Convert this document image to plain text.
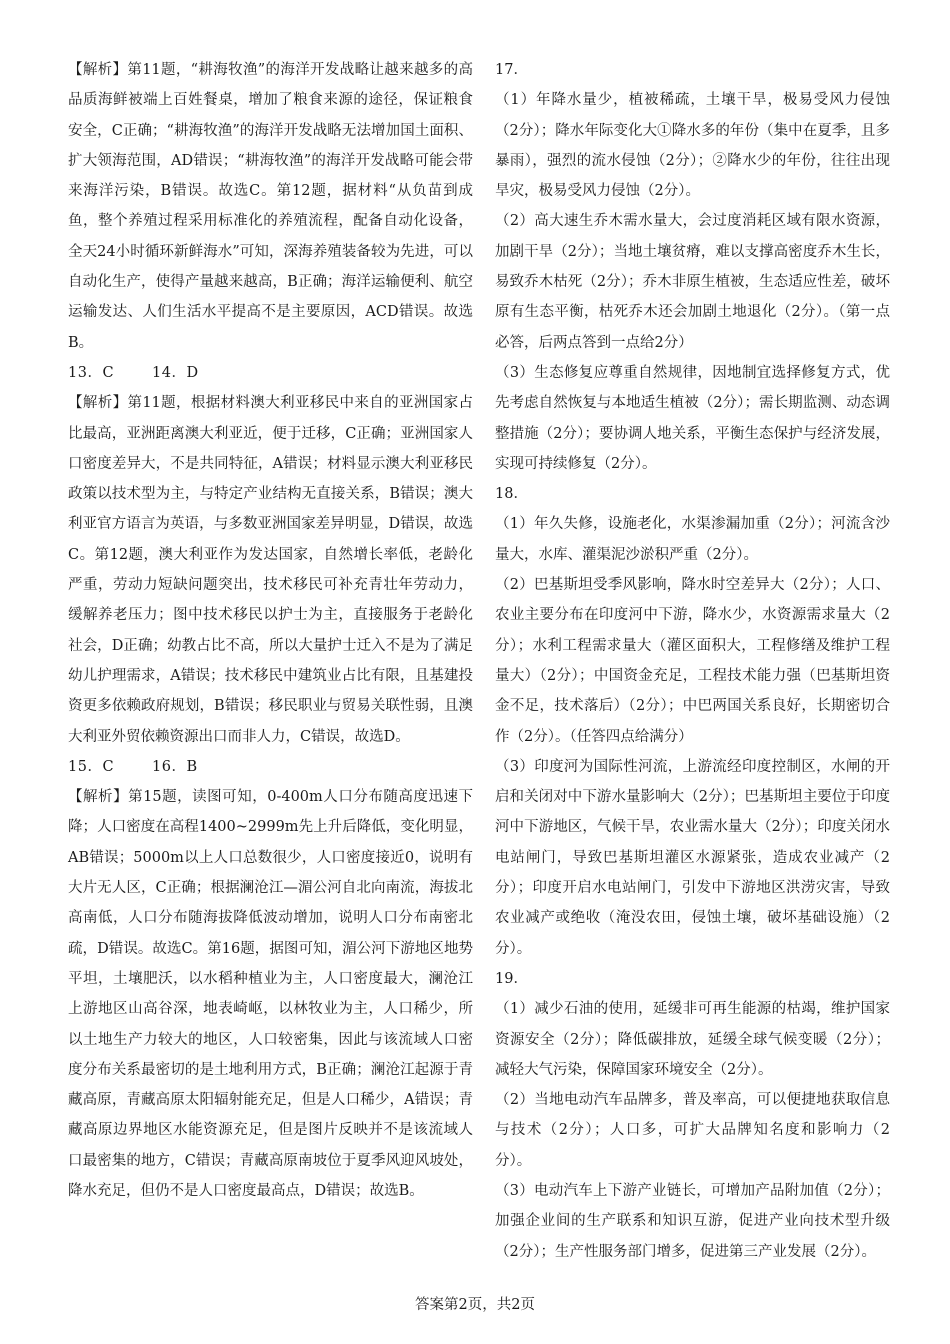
【解析】第11题，“耕海牧渔”的海洋开发战略让越来越多的高品质海鲜被端上百姓餐桌，增加了粮食来源的途径，保证粮食安全，C正确；“耕海牧渔”的海洋开发战略无法增加国土面积、扩大领海范围，AD错误；“耕海牧渔”的海洋开发战略可能会带来海洋污染，B错误。故选C。第12题，据材料“从负苗到成鱼，整个养殖过程采用标准化的养殖流程，配备自动化设备，全天24小时循环新鲜海水”可知，深海养殖装备较为先进，可以自动化生产，使得产量越来越高，B正确；海洋运输便利、航空运输发达、人们生活水平提高不是主要原因，ACD错误。故选B。

13．C	14．D

【解析】第11题，根据材料澳大利亚移民中来自的亚洲国家占比最高，亚洲距离澳大利亚近，便于迁移，C正确；亚洲国家人口密度差异大，不是共同特征，A错误；材料显示澳大利亚移民政策以技术型为主，与特定产业结构无直接关系，B错误；澳大利亚官方语言为英语，与多数亚洲国家差异明显，D错误，故选C。第12题，澳大利亚作为发达国家，自然增长率低，老龄化严重，劳动力短缺问题突出，技术移民可补充青壮年劳动力，缓解养老压力；图中技术移民以护士为主，直接服务于老龄化社会，D正确；幼教占比不高，所以大量护士迁入不是为了满足幼儿护理需求，A错误；技术移民中建筑业占比有限，且基建投资更多依赖政府规划，B错误；移民职业与贸易关联性弱，且澳大利亚外贸依赖资源出口而非人力，C错误，故选D。

15．C	16．B

【解析】第15题，读图可知，0-400m人口分布随高度迅速下降；人口密度在高程1400~2999m先上升后降低，变化明显，AB错误；5000m以上人口总数很少，人口密度接近0，说明有大片无人区，C正确；根据澜沧江—湄公河自北向南流，海拔北高南低，人口分布随海拔降低波动增加，说明人口分布南密北疏，D错误。故选C。第16题，据图可知，湄公河下游地区地势平坦，土壤肥沃，以水稻种植业为主，人口密度最大，澜沧江上游地区山高谷深，地表崎岖，以林牧业为主，人口稀少，所以土地生产力较大的地区，人口较密集，因此与该流域人口密度分布关系最密切的是土地利用方式，B正确；澜沧江起源于青藏高原，青藏高原太阳辐射能充足，但是人口稀少，A错误；青藏高原边界地区水能资源充足，但是图片反映并不是该流域人口最密集的地方，C错误；青藏高原南坡位于夏季风迎风坡处，降水充足，但仍不是人口密度最高点，D错误；故选B。

17．

（1）年降水量少，植被稀疏，土壤干旱，极易受风力侵蚀（2分）；降水年际变化大①降水多的年份（集中在夏季，且多暴雨），强烈的流水侵蚀（2分）；②降水少的年份，往往出现旱灾，极易受风力侵蚀（2分）。

（2）高大速生乔木需水量大，会过度消耗区域有限水资源，加剧干旱（2分）；当地土壤贫瘠，难以支撑高密度乔木生长，易致乔木枯死（2分）；乔木非原生植被，生态适应性差，破坏原有生态平衡，枯死乔木还会加剧土地退化（2分）。（第一点必答，后两点答到一点给2分）

（3）生态修复应尊重自然规律，因地制宜选择修复方式，优先考虑自然恢复与本地适生植被（2分）；需长期监测、动态调整措施（2分）；要协调人地关系，平衡生态保护与经济发展，实现可持续修复（2分）。

18．

（1）年久失修，设施老化，水渠渗漏加重（2分）；河流含沙量大，水库、灌渠泥沙淤积严重（2分）。

（2）巴基斯坦受季风影响，降水时空差异大（2分）；人口、农业主要分布在印度河中下游，降水少，水资源需求量大（2分）；水利工程需求量大（灌区面积大，工程修缮及维护工程量大）（2分）；中国资金充足，工程技术能力强（巴基斯坦资金不足，技术落后）（2分）；中巴两国关系良好，长期密切合作（2分）。（任答四点给满分）

（3）印度河为国际性河流，上游流经印度控制区，水闸的开启和关闭对中下游水量影响大（2分）；巴基斯坦主要位于印度河中下游地区，气候干旱，农业需水量大（2分）；印度关闭水电站闸门，导致巴基斯坦灌区水源紧张，造成农业减产（2分）；印度开启水电站闸门，引发中下游地区洪涝灾害，导致农业减产或绝收（淹没农田，侵蚀土壤，破坏基础设施）（2分）。

19．

（1）减少石油的使用，延缓非可再生能源的枯竭，维护国家资源安全（2分）；降低碳排放，延缓全球气候变暖（2分）；减轻大气污染，保障国家环境安全（2分）。

（2）当地电动汽车品牌多，普及率高，可以便捷地获取信息与技术（2分）；人口多，可扩大品牌知名度和影响力（2分）。

（3）电动汽车上下游产业链长，可增加产品附加值（2分）；加强企业间的生产联系和知识互游，促进产业向技术型升级（2分）；生产性服务部门增多，促进第三产业发展（2分）。

答案第2页，共2页
